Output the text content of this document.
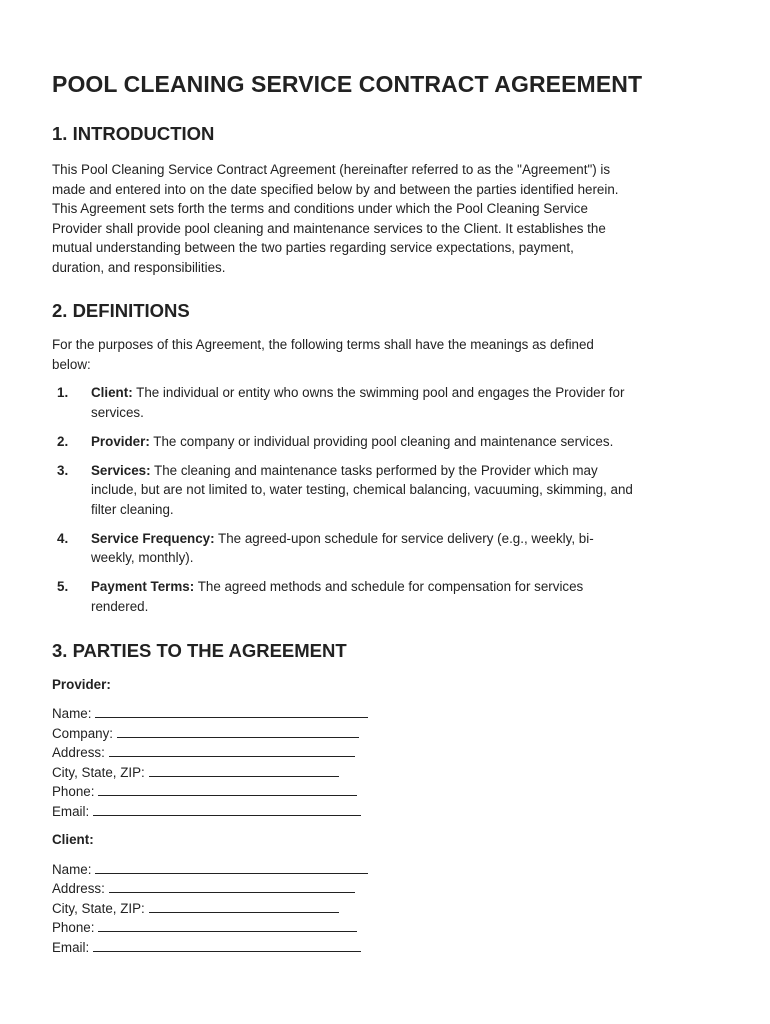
POOL CLEANING SERVICE CONTRACT AGREEMENT
1. INTRODUCTION
This Pool Cleaning Service Contract Agreement (hereinafter referred to as the "Agreement") is
made and entered into on the date specified below by and between the parties identified herein.
This Agreement sets forth the terms and conditions under which the Pool Cleaning Service
Provider shall provide pool cleaning and maintenance services to the Client. It establishes the
mutual understanding between the two parties regarding service expectations, payment,
duration, and responsibilities.
2. DEFINITIONS
For the purposes of this Agreement, the following terms shall have the meanings as defined
below:
1. Client: The individual or entity who owns the swimming pool and engages the Provider for
services.
2. Provider: The company or individual providing pool cleaning and maintenance services.
3. Services: The cleaning and maintenance tasks performed by the Provider which may
include, but are not limited to, water testing, chemical balancing, vacuuming, skimming, and
filter cleaning.
4. Service Frequency: The agreed-upon schedule for service delivery (e.g., weekly, bi-
weekly, monthly).
5. Payment Terms: The agreed methods and schedule for compensation for services
rendered.
3. PARTIES TO THE AGREEMENT
Provider:
Name:
Company:
Address:
City, State, ZIP:
Phone:
Email:
Client:
Name:
Address:
City, State, ZIP:
Phone:
Email:
